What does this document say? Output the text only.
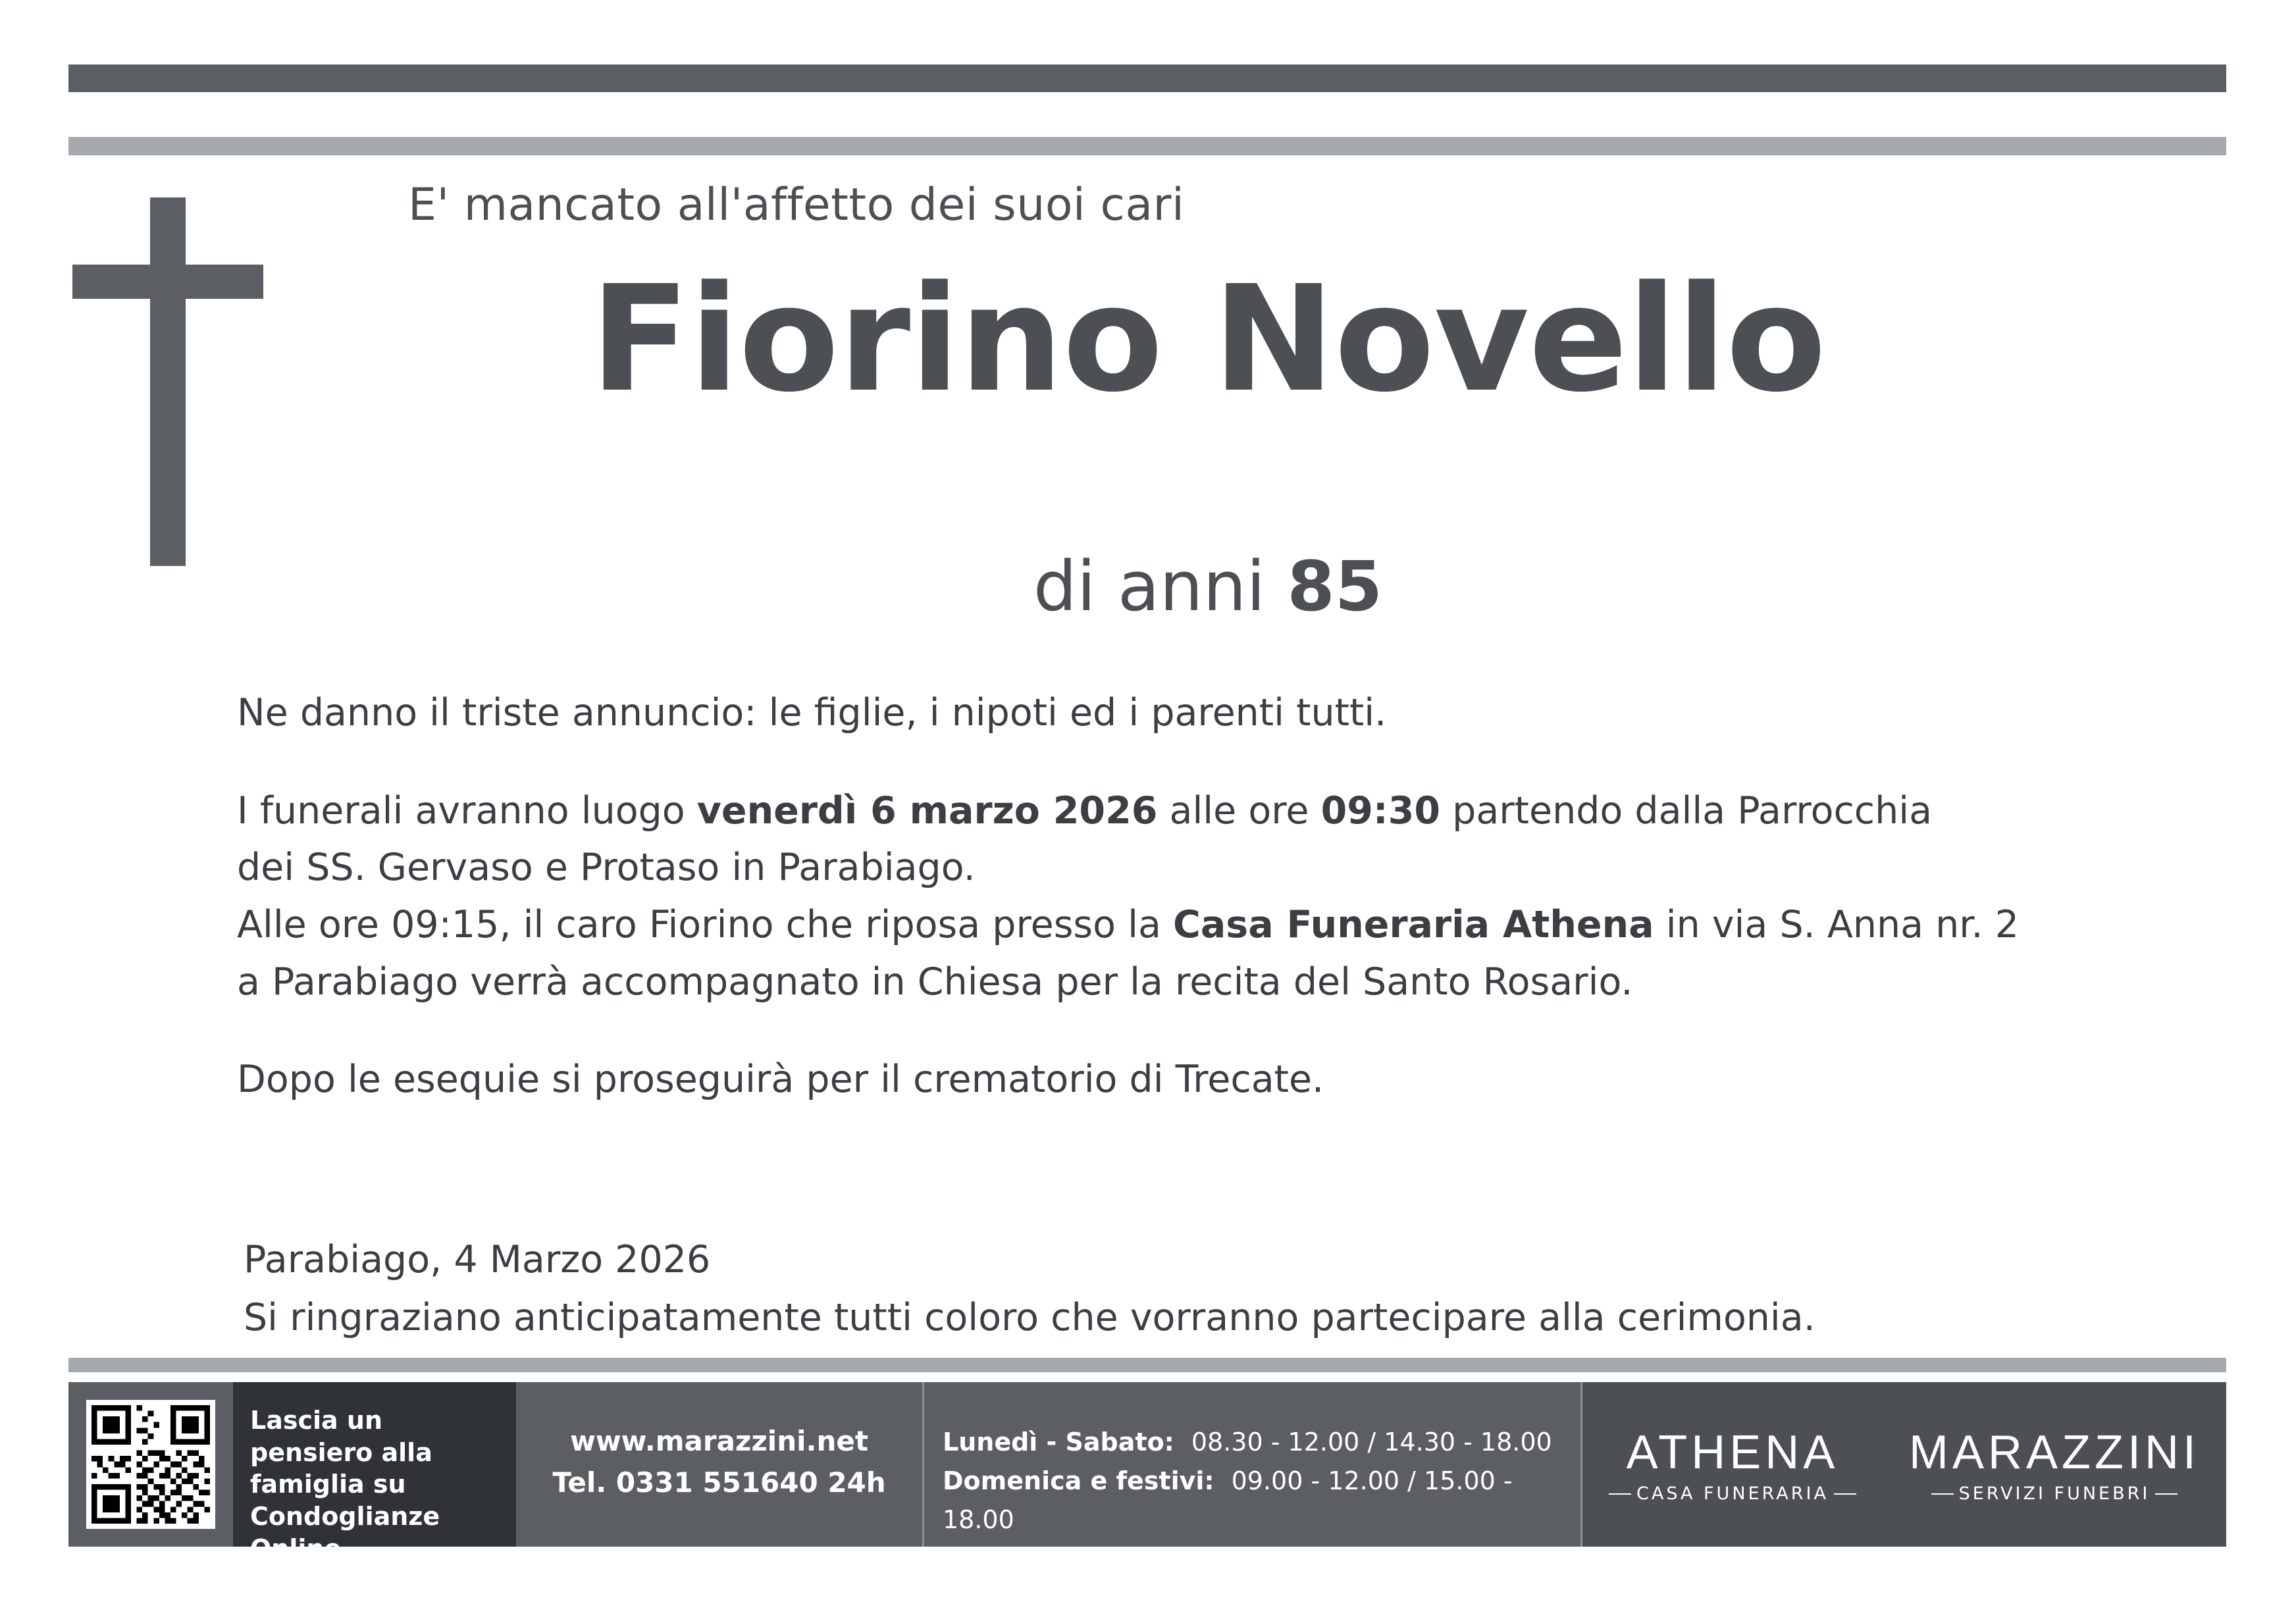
E' mancato all'affetto dei suoi cari
Fiorino Novello
di anni 85

Ne danno il triste annuncio: le figlie, i nipoti ed i parenti tutti.

I funerali avranno luogo venerdì 6 marzo 2026 alle ore 09:30 partendo dalla Parrocchia

dei SS. Gervaso e Protaso in Parabiago.

Alle ore 09:15, il caro Fiorino che riposa presso la Casa Funeraria Athena in via S. Anna nr. 2

a Parabiago verrà accompagnato in Chiesa per la recita del Santo Rosario.

Dopo le esequie si proseguirà per il crematorio di Trecate.

Parabiago, 4 Marzo 2026

Si ringraziano anticipatamente tutti coloro che vorranno partecipare alla cerimonia.

Lascia un pensiero alla famiglia su Condoglianze Online
www.marazzini.net
Tel. 0331 551640 24h
Lunedì - Sabato: 08.30 - 12.00 / 14.30 - 18.00
Domenica e festivi: 09.00 - 12.00 / 15.00 - 18.00
ATHENA
CASA FUNERARIA
MARAZZINI
SERVIZI FUNEBRI
